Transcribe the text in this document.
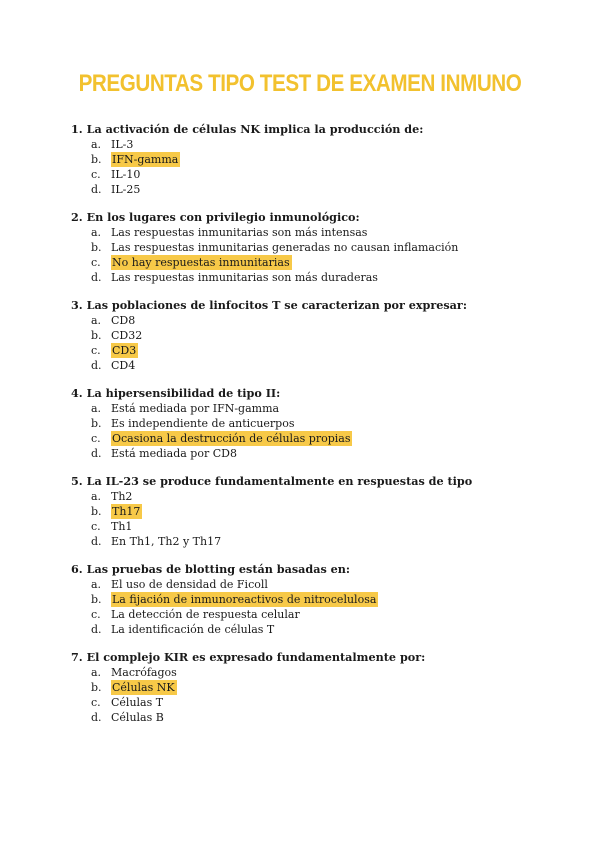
PREGUNTAS TIPO TEST DE EXAMEN INMUNO
1. La activación de células NK implica la producción de:
a. IL-3
b. IFN-gamma
c. IL-10
d. IL-25
2. En los lugares con privilegio inmunológico:
a. Las respuestas inmunitarias son más intensas
b. Las respuestas inmunitarias generadas no causan inflamación
c. No hay respuestas inmunitarias
d. Las respuestas inmunitarias son más duraderas
3. Las poblaciones de linfocitos T se caracterizan por expresar:
a. CD8
b. CD32
c. CD3
d. CD4
4. La hipersensibilidad de tipo II:
a. Está mediada por IFN-gamma
b. Es independiente de anticuerpos
c. Ocasiona la destrucción de células propias
d. Está mediada por CD8
5. La IL-23 se produce fundamentalmente en respuestas de tipo
a. Th2
b. Th17
c. Th1
d. En Th1, Th2 y Th17
6. Las pruebas de blotting están basadas en:
a. El uso de densidad de Ficoll
b. La fijación de inmunoreactivos de nitrocelulosa
c. La detección de respuesta celular
d. La identificación de células T
7. El complejo KIR es expresado fundamentalmente por:
a. Macrófagos
b. Células NK
c. Células T
d. Células B
